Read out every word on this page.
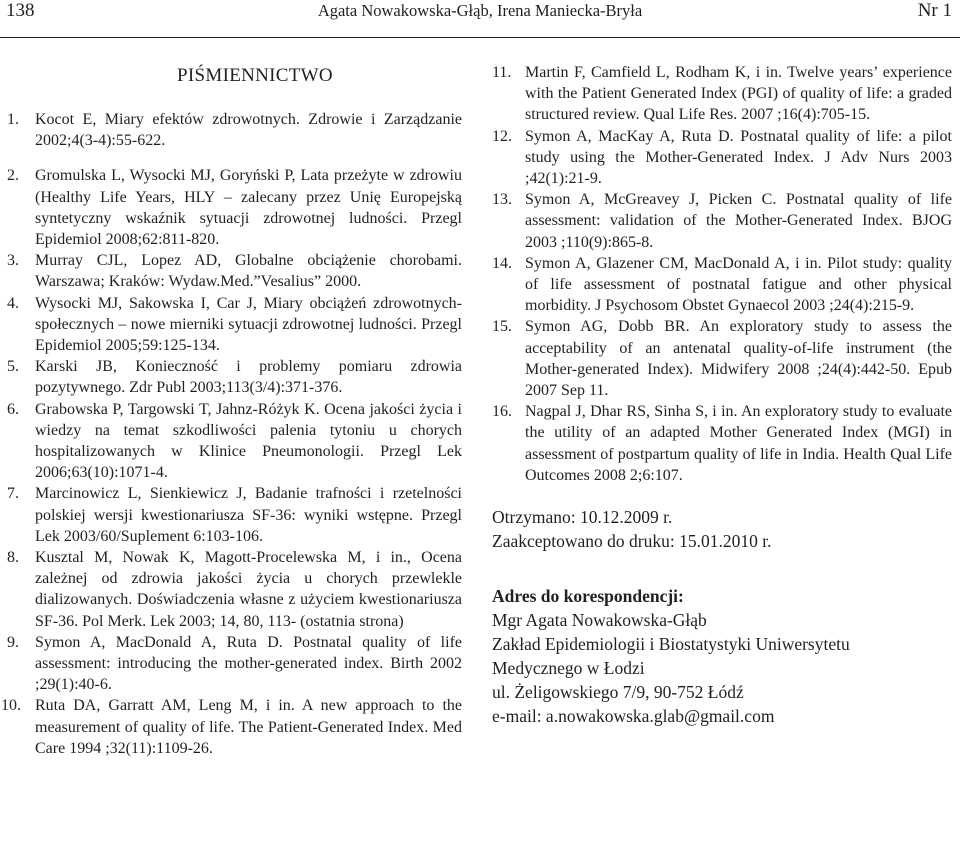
138	Agata Nowakowska-Głąb, Irena Maniecka-Bryła	Nr 1
PIŚMIENNICTWO
1. Kocot E, Miary efektów zdrowotnych. Zdrowie i Zarządzanie 2002;4(3-4):55-622.
2. Gromulska L, Wysocki MJ, Goryński P, Lata przeżyte w zdrowiu (Healthy Life Years, HLY – zalecany przez Unię Europejską syntetyczny wskaźnik sytuacji zdrowotnej ludności. Przegl Epidemiol 2008;62:811-820.
3. Murray CJL, Lopez AD, Globalne obciążenie chorobami. Warszawa; Kraków: Wydaw.Med.”Vesalius” 2000.
4. Wysocki MJ, Sakowska I, Car J, Miary obciążeń zdrowotnych-społecznych – nowe mierniki sytuacji zdrowotnej ludności. Przegl Epidemiol 2005;59:125-134.
5. Karski JB, Konieczność i problemy pomiaru zdrowia pozytywnego. Zdr Publ 2003;113(3/4):371-376.
6. Grabowska P, Targowski T, Jahnz-Różyk K. Ocena jakości życia i wiedzy na temat szkodliwości palenia tytoniu u chorych hospitalizowanych w Klinice Pneumonologii. Przegl Lek 2006;63(10):1071-4.
7. Marcinowicz L, Sienkiewicz J, Badanie trafności i rzetelności polskiej wersji kwestionariusza SF-36: wyniki wstępne. Przegl Lek 2003/60/Suplement 6:103-106.
8. Kusztal M, Nowak K, Magott-Procelewska M, i in., Ocena zależnej od zdrowia jakości życia u chorych przewlekle dializowanych. Doświadczenia własne z użyciem kwestionariusza SF-36. Pol Merk. Lek 2003; 14, 80, 113- (ostatnia strona)
9. Symon A, MacDonald A, Ruta D. Postnatal quality of life assessment: introducing the mother-generated index. Birth 2002 ;29(1):40-6.
10. Ruta DA, Garratt AM, Leng M, i in. A new approach to the measurement of quality of life. The Patient-Generated Index. Med Care 1994 ;32(11):1109-26.
11. Martin F, Camfield L, Rodham K, i in. Twelve years’ experience with the Patient Generated Index (PGI) of quality of life: a graded structured review. Qual Life Res. 2007 ;16(4):705-15.
12. Symon A, MacKay A, Ruta D. Postnatal quality of life: a pilot study using the Mother-Generated Index. J Adv Nurs 2003 ;42(1):21-9.
13. Symon A, McGreavey J, Picken C. Postnatal quality of life assessment: validation of the Mother-Generated Index. BJOG 2003 ;110(9):865-8.
14. Symon A, Glazener CM, MacDonald A, i in. Pilot study: quality of life assessment of postnatal fatigue and other physical morbidity. J Psychosom Obstet Gynaecol 2003 ;24(4):215-9.
15. Symon AG, Dobb BR. An exploratory study to assess the acceptability of an antenatal quality-of-life instrument (the Mother-generated Index). Midwifery 2008 ;24(4):442-50. Epub 2007 Sep 11.
16. Nagpal J, Dhar RS, Sinha S, i in. An exploratory study to evaluate the utility of an adapted Mother Generated Index (MGI) in assessment of postpartum quality of life in India. Health Qual Life Outcomes 2008 2;6:107.

Otrzymano: 10.12.2009 r.

Zaakceptowano do druku: 15.01.2010 r.

Adres do korespondencji:
Mgr Agata Nowakowska-Głąb
Zakład Epidemiologii i Biostatystyki Uniwersytetu
Medycznego w Łodzi
ul. Żeligowskiego 7/9, 90-752 Łódź
e-mail: a.nowakowska.glab@gmail.com
